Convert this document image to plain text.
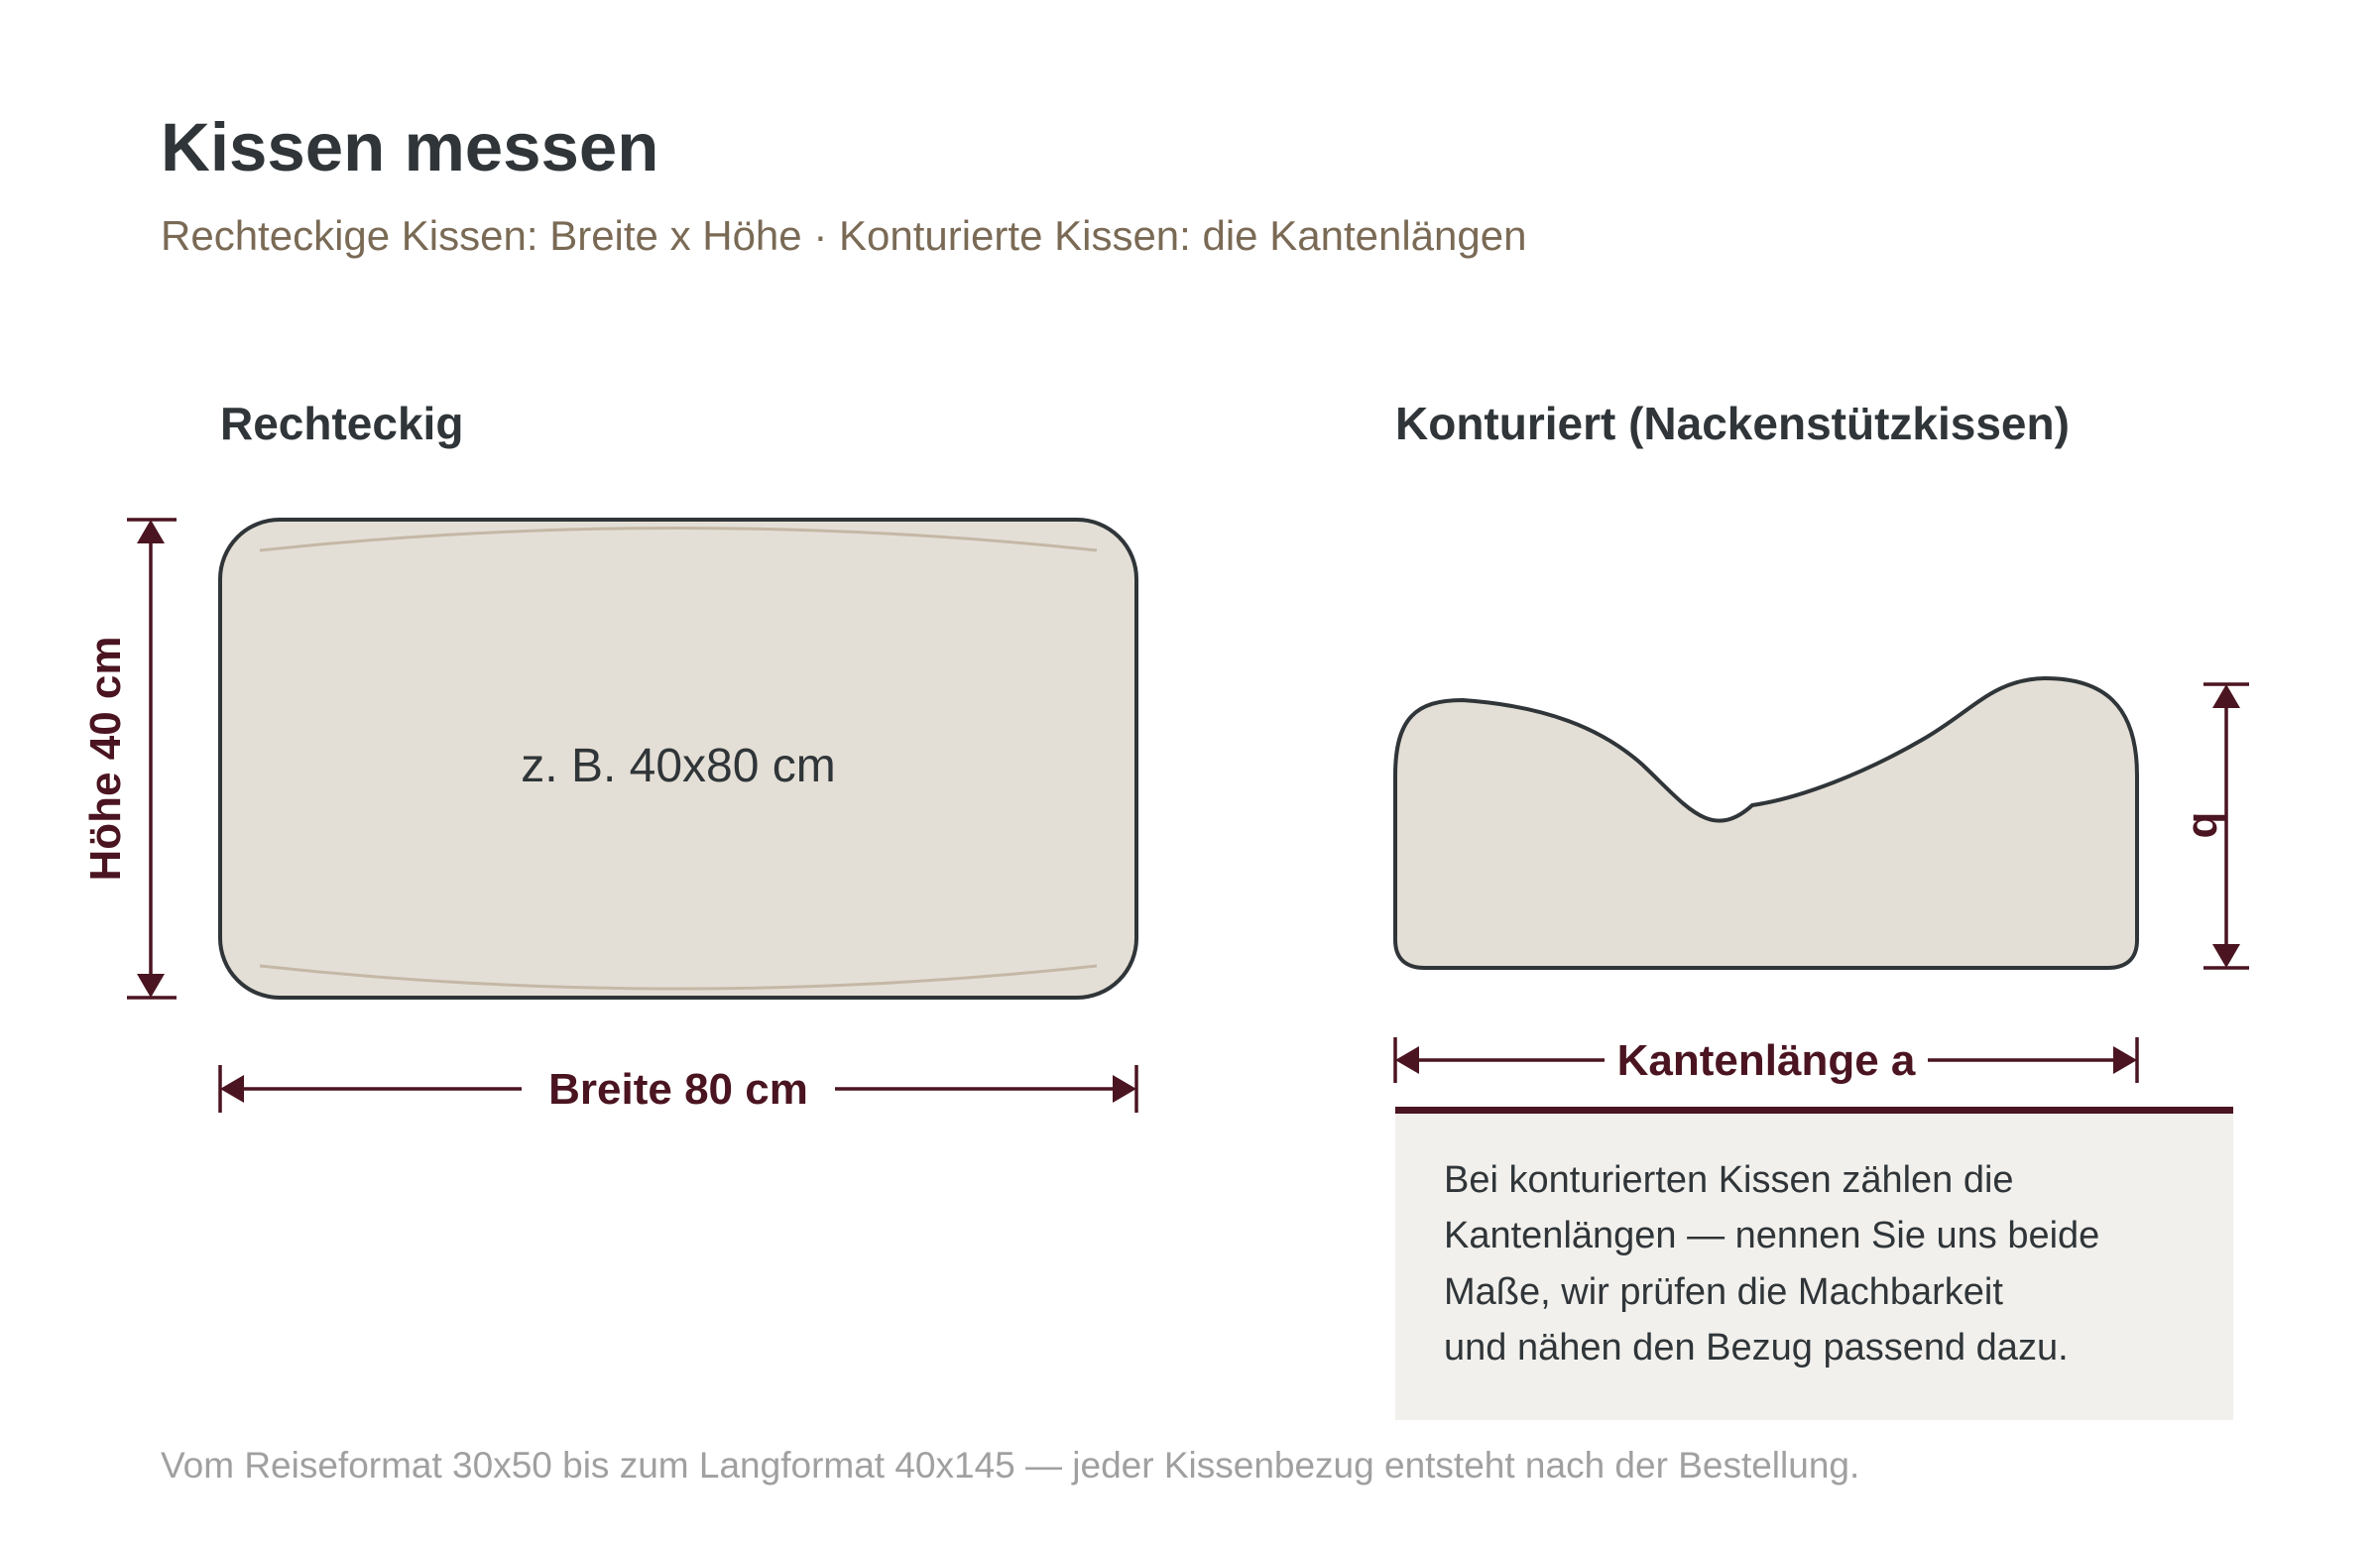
Kissen messen
Rechteckige Kissen: Breite x Höhe · Konturierte Kissen: die Kantenlängen
Rechteckig
z. B. 40x80 cm
Höhe 40 cm
Breite 80 cm
Konturiert (Nackenstützkissen)
b
Kantenlänge a
Bei konturierten Kissen zählen die
Kantenlängen — nennen Sie uns beide
Maße, wir prüfen die Machbarkeit
und nähen den Bezug passend dazu.
Vom Reiseformat 30x50 bis zum Langformat 40x145 — jeder Kissenbezug entsteht nach der Bestellung.
